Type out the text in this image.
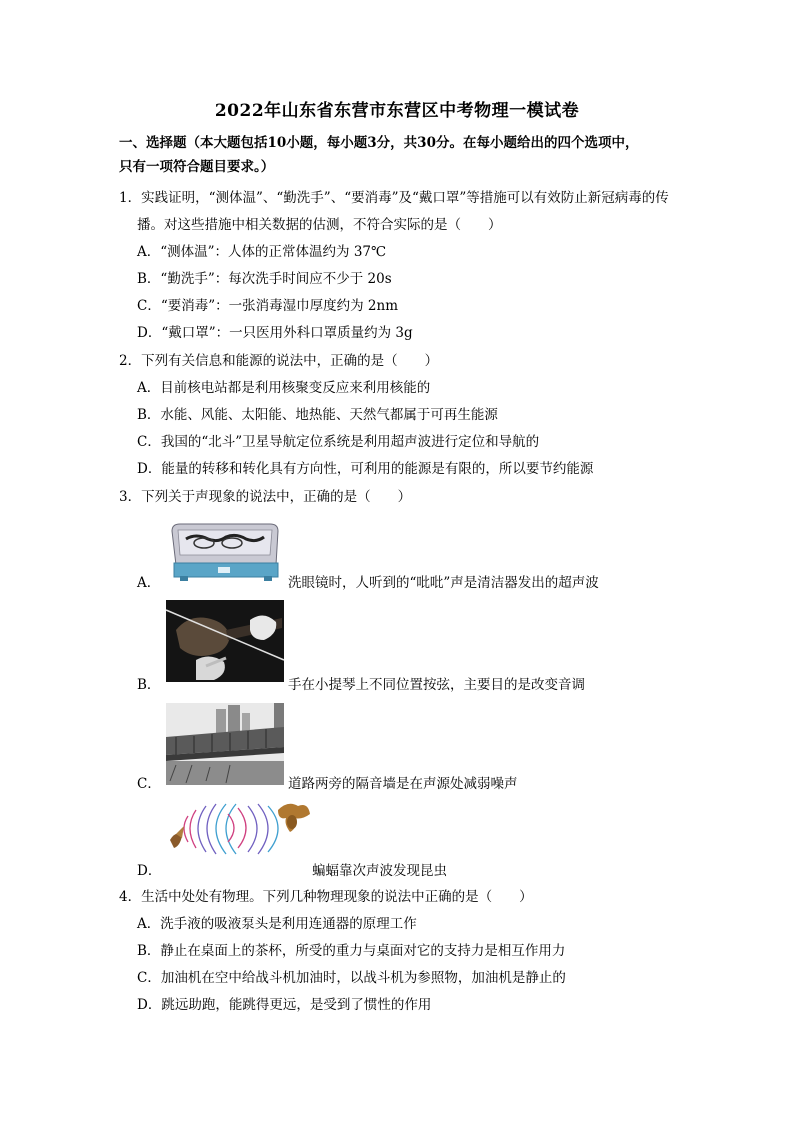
2022年山东省东营市东营区中考物理一模试卷
一、选择题（本大题包括10小题，每小题3分，共30分。在每小题给出的四个选项中，
只有一项符合题目要求。）
1．实践证明，“测体温”、“勤洗手”、“要消毒”及“戴口罩”等措施可以有效防止新冠病毒的传
播。对这些措施中相关数据的估测，不符合实际的是（　　）
A．“测体温”：人体的正常体温约为 37℃
B．“勤洗手”：每次洗手时间应不少于 20s
C．“要消毒”：一张消毒湿巾厚度约为 2nm
D．“戴口罩”：一只医用外科口罩质量约为 3g
2．下列有关信息和能源的说法中，正确的是（　　）
A．目前核电站都是利用核聚变反应来利用核能的
B．水能、风能、太阳能、地热能、天然气都属于可再生能源
C．我国的“北斗”卫星导航定位系统是利用超声波进行定位和导航的
D．能量的转移和转化具有方向性，可利用的能源是有限的，所以要节约能源
3．下列关于声现象的说法中，正确的是（　　）
A．	洗眼镜时，人听到的“吡吡”声是清洁器发出的超声波
B．	手在小提琴上不同位置按弦，主要目的是改变音调
C．	道路两旁的隔音墙是在声源处减弱噪声
D．	蝙蝠靠次声波发现昆虫
4．生活中处处有物理。下列几种物理现象的说法中正确的是（　　）
A．洗手液的吸液泵头是利用连通器的原理工作
B．静止在桌面上的茶杯，所受的重力与桌面对它的支持力是相互作用力
C．加油机在空中给战斗机加油时，以战斗机为参照物，加油机是静止的
D．跳远助跑，能跳得更远，是受到了惯性的作用
